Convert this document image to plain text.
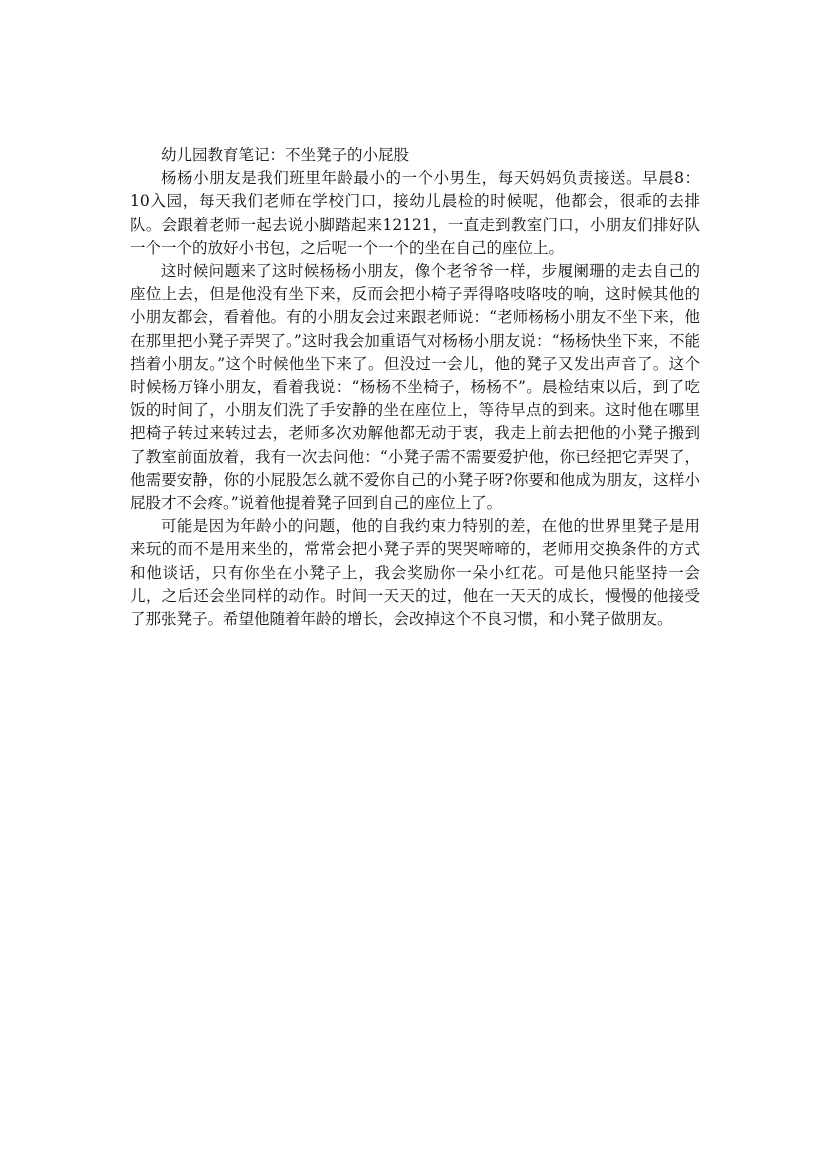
幼儿园教育笔记：不坐凳子的小屁股

杨杨小朋友是我们班里年龄最小的一个小男生，每天妈妈负责接送。早晨8：10入园，每天我们老师在学校门口，接幼儿晨检的时候呢，他都会，很乖的去排队。会跟着老师一起去说小脚踏起来12121，一直走到教室门口，小朋友们排好队一个一个的放好小书包，之后呢一个一个的坐在自己的座位上。

这时候问题来了这时候杨杨小朋友，像个老爷爷一样，步履阑珊的走去自己的座位上去，但是他没有坐下来，反而会把小椅子弄得咯吱咯吱的响，这时候其他的小朋友都会，看着他。有的小朋友会过来跟老师说：“老师杨杨小朋友不坐下来，他在那里把小凳子弄哭了。”这时我会加重语气对杨杨小朋友说：“杨杨快坐下来，不能挡着小朋友。”这个时候他坐下来了。但没过一会儿，他的凳子又发出声音了。这个时候杨万锋小朋友，看着我说：“杨杨不坐椅子，杨杨不”。晨检结束以后，到了吃饭的时间了，小朋友们洗了手安静的坐在座位上，等待早点的到来。这时他在哪里把椅子转过来转过去，老师多次劝解他都无动于衷，我走上前去把他的小凳子搬到了教室前面放着，我有一次去问他：“小凳子需不需要爱护他，你已经把它弄哭了，他需要安静，你的小屁股怎么就不爱你自己的小凳子呀?你要和他成为朋友，这样小屁股才不会疼。”说着他提着凳子回到自己的座位上了。

可能是因为年龄小的问题，他的自我约束力特别的差，在他的世界里凳子是用来玩的而不是用来坐的，常常会把小凳子弄的哭哭啼啼的，老师用交换条件的方式和他谈话，只有你坐在小凳子上，我会奖励你一朵小红花。可是他只能坚持一会儿，之后还会坐同样的动作。时间一天天的过，他在一天天的成长，慢慢的他接受了那张凳子。希望他随着年龄的增长，会改掉这个不良习惯，和小凳子做朋友。
